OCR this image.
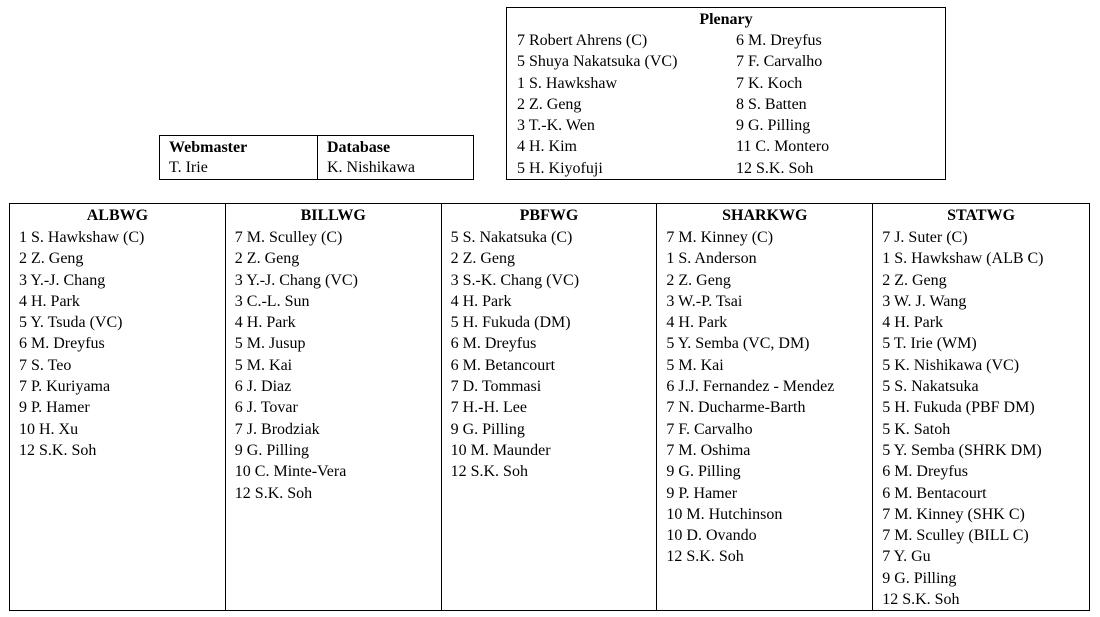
Plenary
7 Robert Ahrens (C)
5 Shuya Nakatsuka (VC)
1 S. Hawkshaw
2 Z. Geng
3 T.-K. Wen
4 H. Kim
5 H. Kiyofuji
6 M. Dreyfus
7 F. Carvalho
7 K. Koch
8 S. Batten
9 G. Pilling
11 C. Montero
12 S.K. Soh
Webmaster
T. Irie
Database
K. Nishikawa
ALBWG
1 S. Hawkshaw (C)
2 Z. Geng
3 Y.-J. Chang
4 H. Park
5 Y. Tsuda (VC)
6 M. Dreyfus
7 S. Teo
7 P. Kuriyama
9 P. Hamer
10 H. Xu
12 S.K. Soh
BILLWG
7 M. Sculley (C)
2 Z. Geng
3 Y.-J. Chang (VC)
3 C.-L. Sun
4 H. Park
5 M. Jusup
5 M. Kai
6 J. Diaz
6 J. Tovar
7 J. Brodziak
9 G. Pilling
10 C. Minte-Vera
12 S.K. Soh
PBFWG
5 S. Nakatsuka (C)
2 Z. Geng
3 S.-K. Chang (VC)
4 H. Park
5 H. Fukuda (DM)
6 M. Dreyfus
6 M. Betancourt
7 D. Tommasi
7 H.-H. Lee
9 G. Pilling
10 M. Maunder
12 S.K. Soh
SHARKWG
7 M. Kinney (C)
1 S. Anderson
2 Z. Geng
3 W.-P. Tsai
4 H. Park
5 Y. Semba (VC, DM)
5 M. Kai
6 J.J. Fernandez - Mendez
7 N. Ducharme-Barth
7 F. Carvalho
7 M. Oshima
9 G. Pilling
9 P. Hamer
10 M. Hutchinson
10 D. Ovando
12 S.K. Soh
STATWG
7 J. Suter (C)
1 S. Hawkshaw (ALB C)
2 Z. Geng
3 W. J. Wang
4 H. Park
5 T. Irie (WM)
5 K. Nishikawa (VC)
5 S. Nakatsuka
5 H. Fukuda (PBF DM)
5 K. Satoh
5 Y. Semba (SHRK DM)
6 M. Dreyfus
6 M. Bentacourt
7 M. Kinney (SHK C)
7 M. Sculley (BILL C)
7 Y. Gu
9 G. Pilling
12 S.K. Soh
